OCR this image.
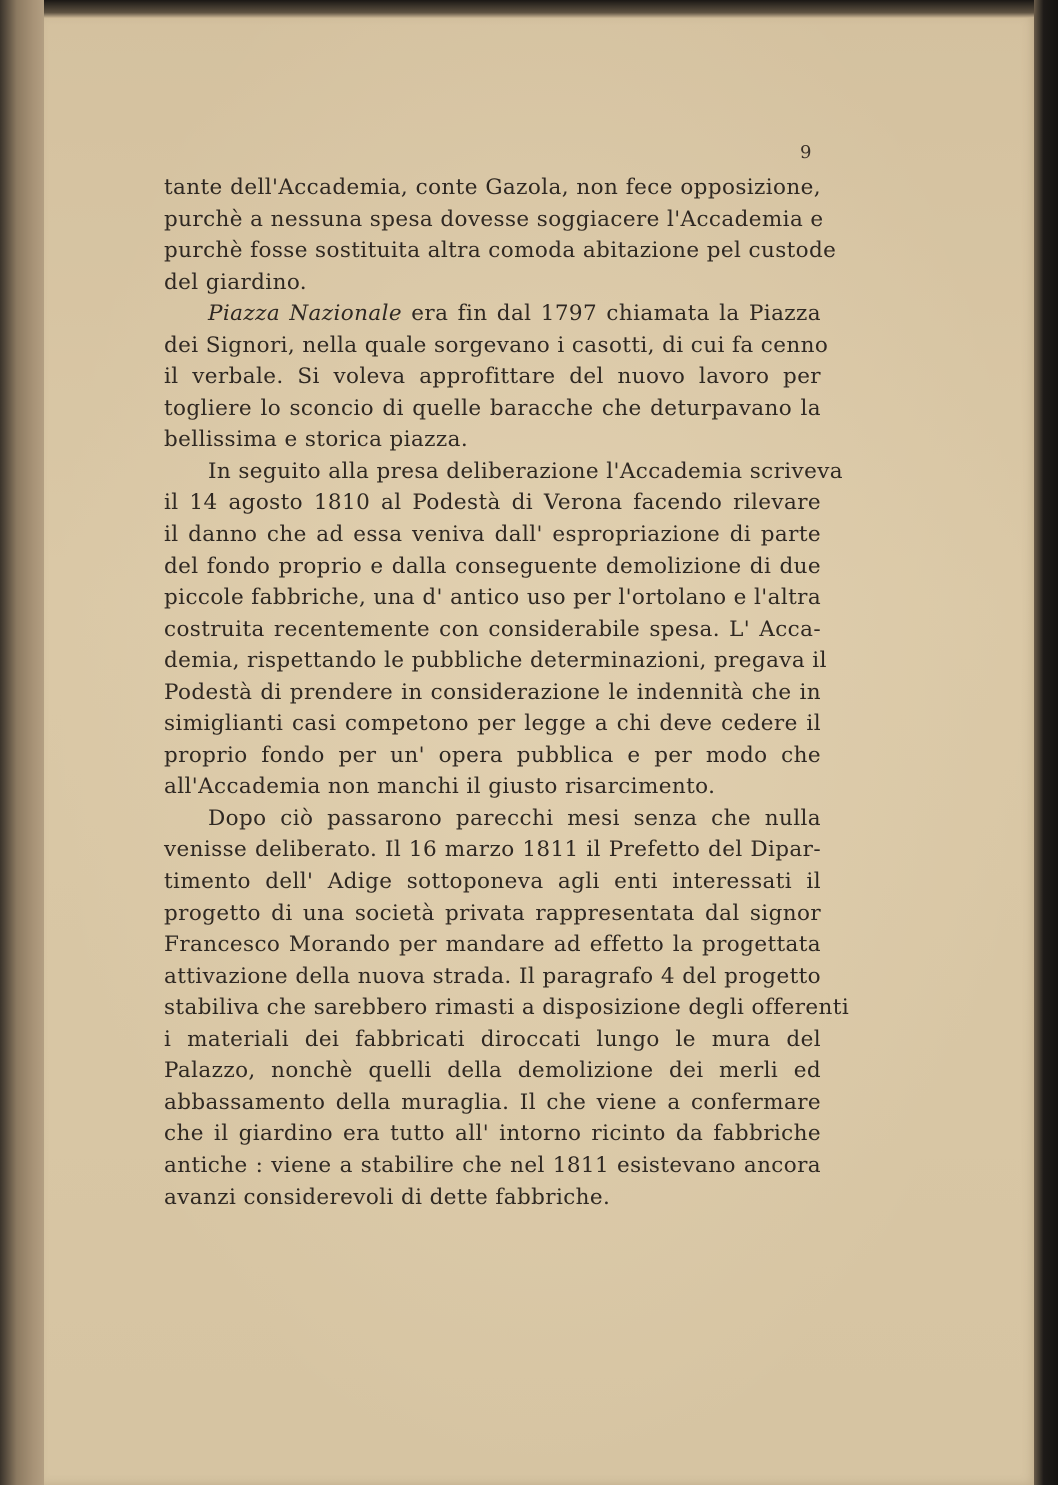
9

tante dell'Accademia, conte Gazola, non fece opposizione,
purchè a nessuna spesa dovesse soggiacere l'Accademia e
purchè fosse sostituita altra comoda abitazione pel custode
del giardino.

Piazza Nazionale era fin dal 1797 chiamata la Piazza
dei Signori, nella quale sorgevano i casotti, di cui fa cenno
il verbale. Si voleva approfittare del nuovo lavoro per
togliere lo sconcio di quelle baracche che deturpavano la
bellissima e storica piazza.

In seguito alla presa deliberazione l'Accademia scriveva
il 14 agosto 1810 al Podestà di Verona facendo rilevare
il danno che ad essa veniva dall' espropriazione di parte
del fondo proprio e dalla conseguente demolizione di due
piccole fabbriche, una d' antico uso per l'ortolano e l'altra
costruita recentemente con considerabile spesa. L' Acca-
demia, rispettando le pubbliche determinazioni, pregava il
Podestà di prendere in considerazione le indennità che in
simiglianti casi competono per legge a chi deve cedere il
proprio fondo per un' opera pubblica e per modo che
all'Accademia non manchi il giusto risarcimento.

Dopo ciò passarono parecchi mesi senza che nulla
venisse deliberato. Il 16 marzo 1811 il Prefetto del Dipar-
timento dell' Adige sottoponeva agli enti interessati il
progetto di una società privata rappresentata dal signor
Francesco Morando per mandare ad effetto la progettata
attivazione della nuova strada. Il paragrafo 4 del progetto
stabiliva che sarebbero rimasti a disposizione degli offerenti
i materiali dei fabbricati diroccati lungo le mura del
Palazzo, nonchè quelli della demolizione dei merli ed
abbassamento della muraglia. Il che viene a confermare
che il giardino era tutto all' intorno ricinto da fabbriche
antiche : viene a stabilire che nel 1811 esistevano ancora
avanzi considerevoli di dette fabbriche.
